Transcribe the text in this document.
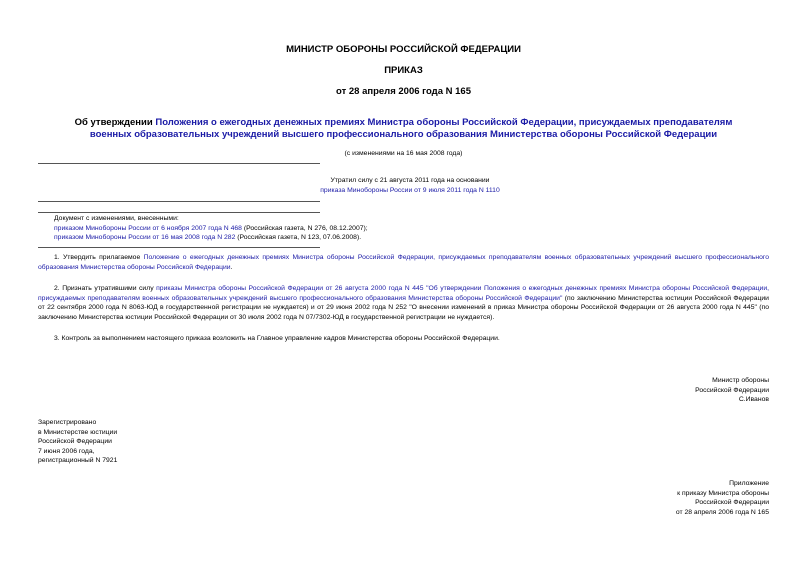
МИНИСТР ОБОРОНЫ РОССИЙСКОЙ ФЕДЕРАЦИИ
ПРИКАЗ
от 28 апреля 2006 года N 165
Об утверждении Положения о ежегодных денежных премиях Министра обороны Российской Федерации, присуждаемых преподавателям военных образовательных учреждений высшего профессионального образования Министерства обороны Российской Федерации
(с изменениями на 16 мая 2008 года)
Утратил силу с 21 августа 2011 года на основании
приказа Минобороны России от 9 июля 2011 года N 1110
Документ с изменениями, внесенными:
приказом Минобороны России от 6 ноября 2007 года N 468 (Российская газета, N 276, 08.12.2007);
приказом Минобороны России от 16 мая 2008 года N 282 (Российская газета, N 123, 07.06.2008).
1. Утвердить прилагаемое Положение о ежегодных денежных премиях Министра обороны Российской Федерации, присуждаемых преподавателям военных образовательных учреждений высшего профессионального образования Министерства обороны Российской Федерации.
2. Признать утратившими силу приказы Министра обороны Российской Федерации от 26 августа 2000 года N 445 "Об утверждении Положения о ежегодных денежных премиях Министра обороны Российской Федерации, присуждаемых преподавателям военных образовательных учреждений высшего профессионального образования Министерства обороны Российской Федерации" (по заключению Министерства юстиции Российской Федерации от 22 сентября 2000 года N 8063-ЮД в государственной регистрации не нуждается) и от 29 июня 2002 года N 252 "О внесении изменений в приказ Министра обороны Российской Федерации от 26 августа 2000 года N 445" (по заключению Министерства юстиции Российской Федерации от 30 июля 2002 года N 07/7302-ЮД в государственной регистрации не нуждается).
3. Контроль за выполнением настоящего приказа возложить на Главное управление кадров Министерства обороны Российской Федерации.
Министр обороны
Российской Федерации
С.Иванов
Зарегистрировано
в Министерстве юстиции
Российской Федерации
7 июня 2006 года,
регистрационный N 7921
Приложение
к приказу Министра обороны
Российской Федерации
от 28 апреля 2006 года N 165
